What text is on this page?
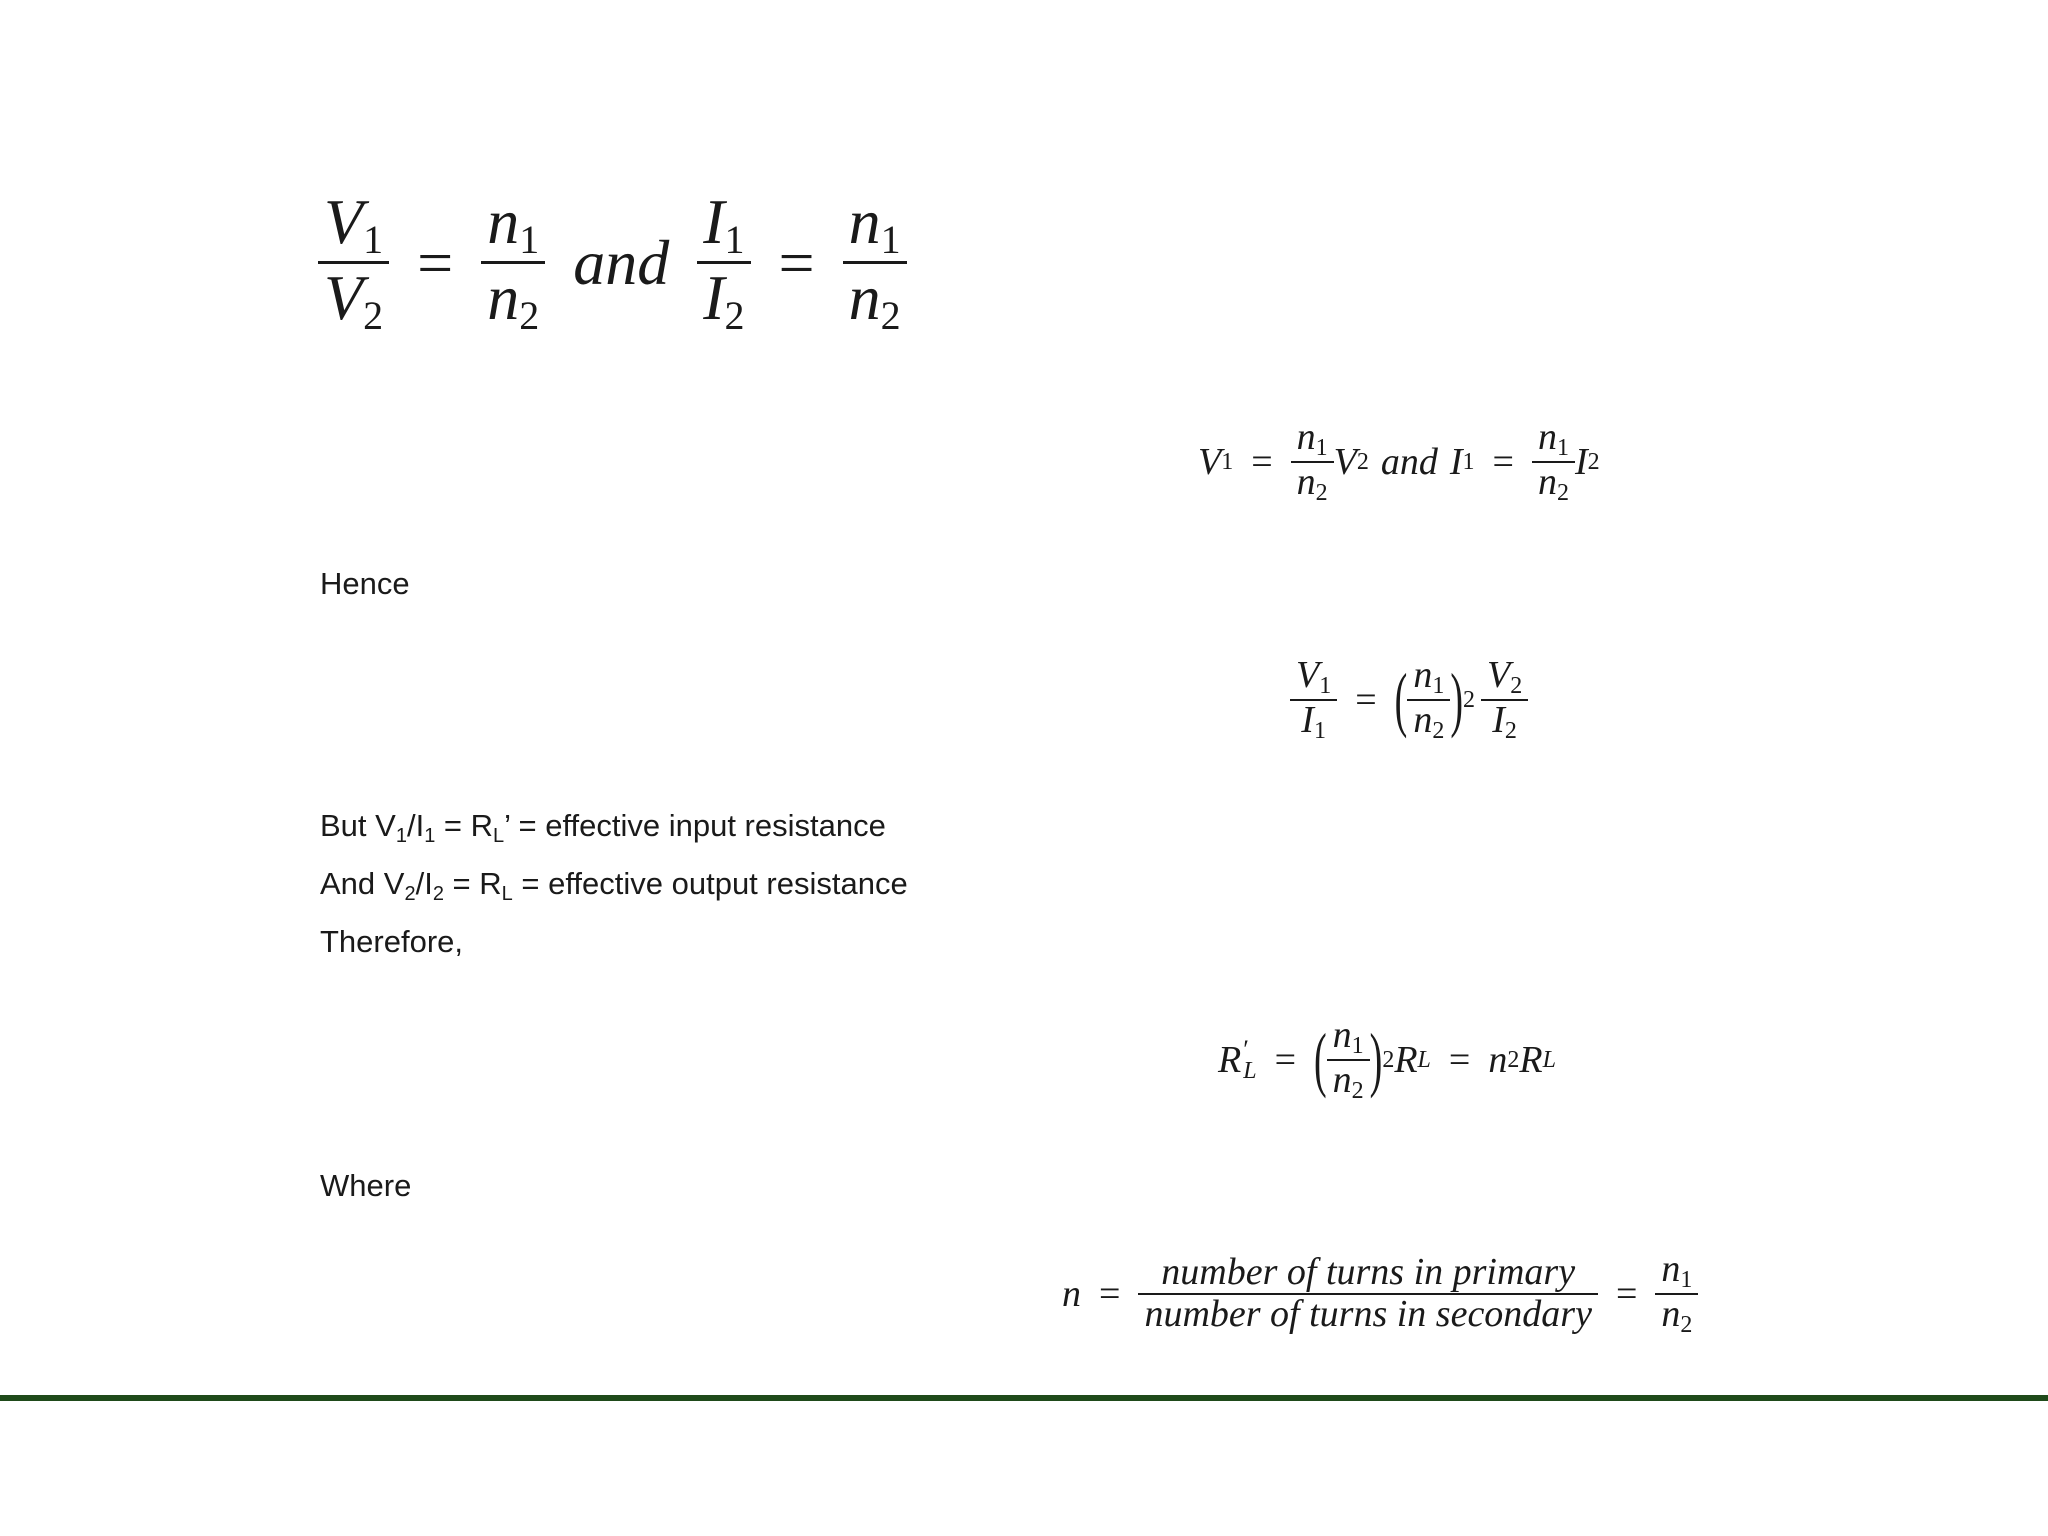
$\frac{V_1}{V_2} = \frac{n_1}{n_2}$ and $\frac{I_1}{I_2} = \frac{n_1}{n_2}$
V $1 = \frac{n_1}{n_2}$ V 2 and I $1 = \frac{n_1}{n_2}$ I 2
Hence
$\frac{V_1}{I_1}$ = ( $\frac{n_1}{n_2}$ ) $2 \frac{V_2}{I_2}$
But $V_1/I_1 = R_L$’ = effective input resistance
And $V_2/I_2 = R_L$ = effective output resistance
Therefore,
R ′
L = ( $\frac{n_1}{n_2}$ ) 2 R L = n 2 R L
Where
$n = \frac{\text{number of turns in primary}}{\text{number of turns in secondary}} = \frac{n_1}{n_2}$
